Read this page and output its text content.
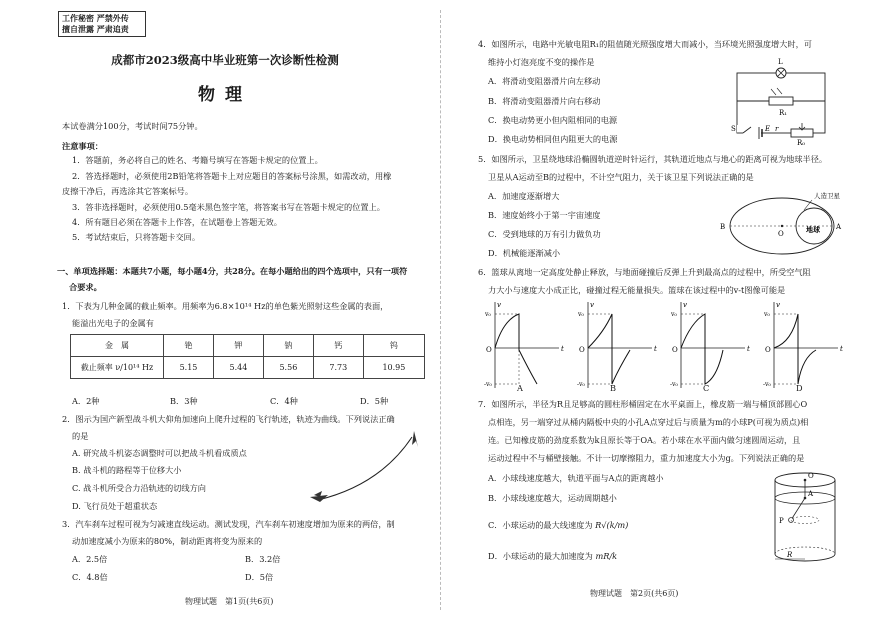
工作秘密 严禁外传
擅自泄露 严肃追责
成都市2023级高中毕业班第一次诊断性检测
物理
本试卷满分100分，考试时间75分钟。
注意事项：
1．答题前，务必将自己的姓名、考籍号填写在答题卡规定的位置上。
2．答选择题时，必须使用2B铅笔将答题卡上对应题目的答案标号涂黑，如需改动，用橡
皮擦干净后，再选涂其它答案标号。
3．答非选择题时，必须使用0.5毫米黑色签字笔，将答案书写在答题卡规定的位置上。
4．所有题目必须在答题卡上作答，在试题卷上答题无效。
5．考试结束后，只将答题卡交回。
一、单项选择题：本题共7小题，每小题4分，共28分。在每小题给出的四个选项中，只有一项符
合要求。
1．下表为几种金属的截止频率。用频率为6.8×10¹⁴ Hz的单色紫光照射这些金属的表面，
能溢出光电子的金属有
金　属	铯	钾	钠	钙	钨
截止频率 ν/10¹⁴ Hz	5.15	5.44	5.56	7.73	10.95
A．2种	B．3种	C．4种	D．5种
2．图示为国产新型战斗机大仰角加速向上爬升过程的飞行轨迹，轨迹为曲线。下列说法正确
的是
A. 研究战斗机姿态调整时可以把战斗机看成质点
B. 战斗机的路程等于位移大小
C. 战斗机所受合力沿轨迹的切线方向
D. 飞行员处于超重状态
3．汽车刹车过程可视为匀减速直线运动。测试发现，汽车刹车初速度增加为原来的两倍，制
动加速度减小为原来的80%，制动距离将变为原来的
A．2.5倍	B．3.2倍
C．4.8倍	D．5倍
物理试题　第1页(共6页)
4．如图所示，电路中光敏电阻R₁的阻值随光照强度增大而减小，当环境光照强度增大时，可
维持小灯泡亮度不变的操作是
A．将滑动变阻器滑片向左移动
B．将滑动变阻器滑片向右移动
C．换电动势更小但内阻相同的电源
D．换电动势相同但内阻更大的电源
L
R₁
S	E r
R₀
5．如图所示，卫星绕地球沿椭圆轨道逆时针运行，其轨道近地点与地心的距离可视为地球半径。
卫星从A运动至B的过程中，不计空气阻力，关于该卫星下列说法正确的是
A．加速度逐渐增大
B．速度始终小于第一宇宙速度
C．受到地球的万有引力做负功
D．机械能逐渐减小
人造卫星
B
O	地球 A
6．篮球从离地一定高度处静止释放，与地面碰撞后反弹上升到最高点的过程中，所受空气阻
力大小与速度大小成正比，碰撞过程无能量损失。篮球在该过程中的v-t图像可能是
v
t
O
v₀
-v₀	A
v
t
O
v₀
-v₀	B
v
t
O
v₀
-v₀	C
v
t
O
v₀
-v₀	D
7．如图所示，半径为R且足够高的圆柱形桶固定在水平桌面上，橡皮筋一端与桶顶部圆心O
点相连，另一端穿过从桶内隔板中央的小孔A点穿过后与质量为m的小球P(可视为质点)相
连。已知橡皮筋的劲度系数为k且原长等于OA。若小球在水平面内做匀速圆周运动，且
运动过程中不与桶壁接触。不计一切摩擦阻力，重力加速度大小为g。下列说法正确的是
A．小球线速度越大，轨道平面与A点的距离越小
B．小球线速度越大，运动周期越小
C．小球运动的最大线速度为 R√(k/m)
D．小球运动的最大加速度为 mR/k
O
A
P
R
物理试题　第2页(共6页)
